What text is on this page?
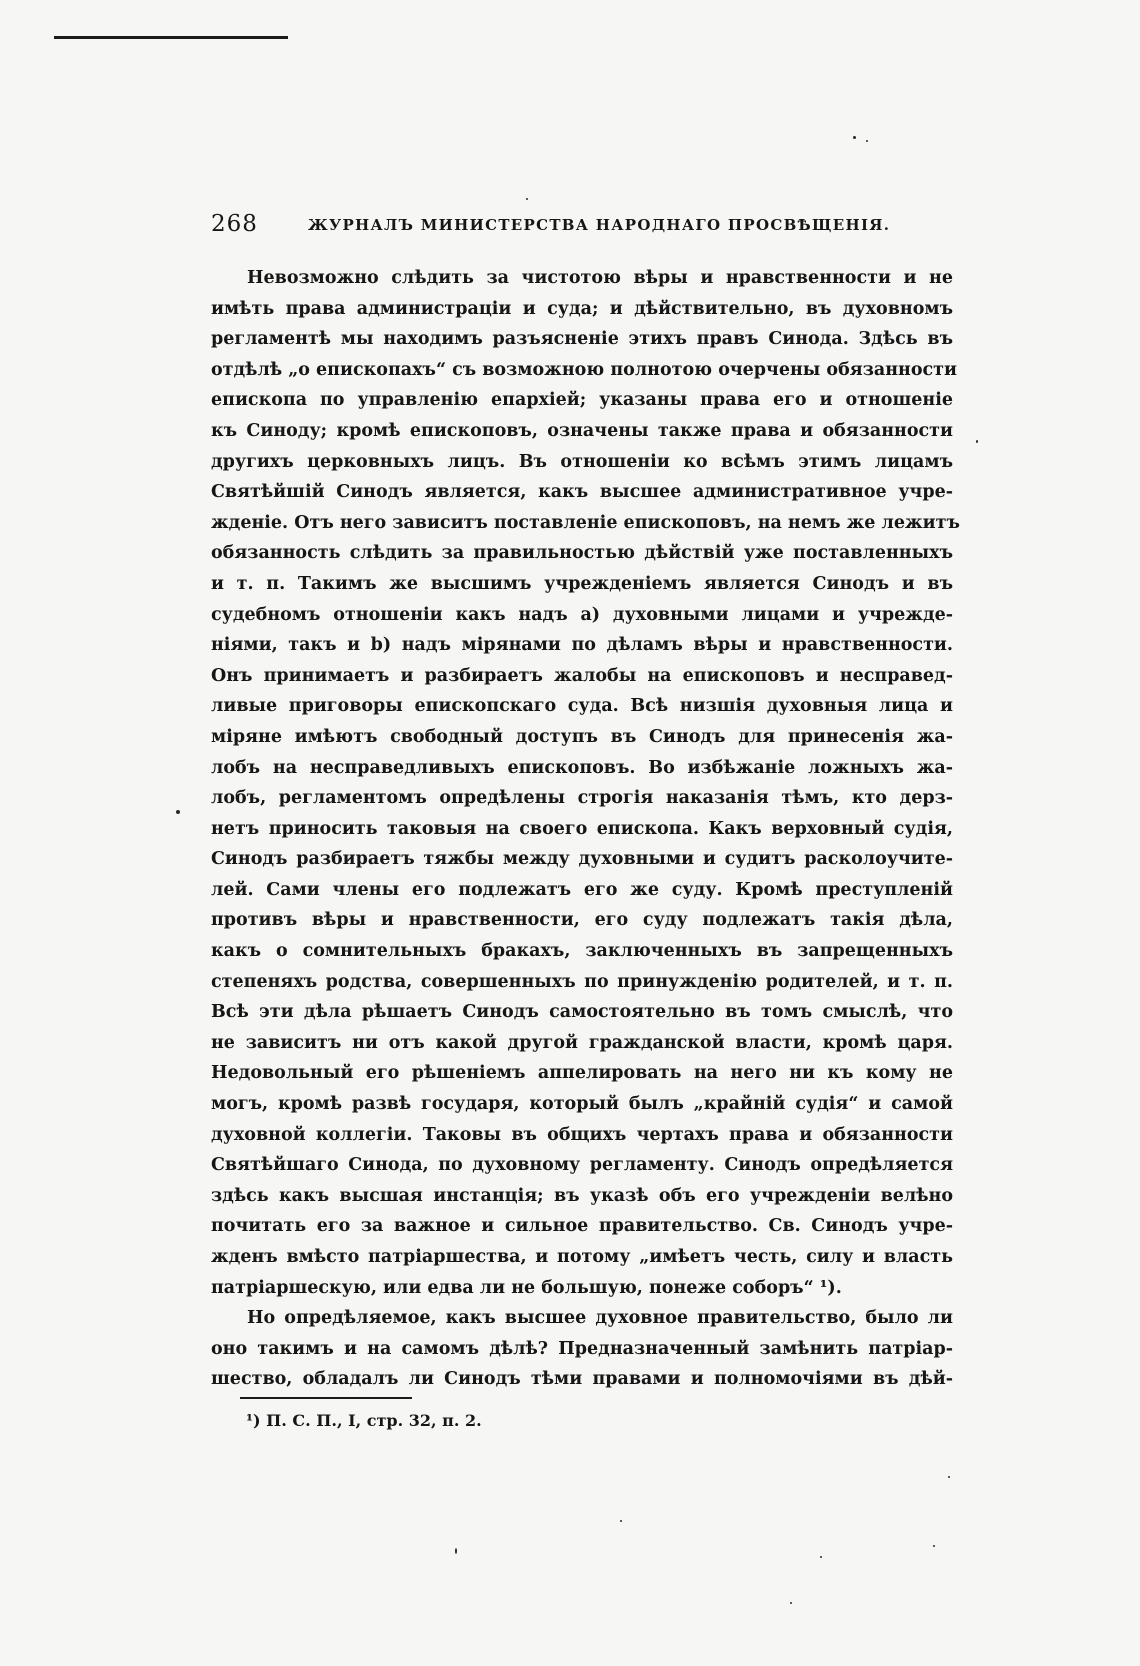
268	ЖУРНАЛЪ МИНИСТЕРСТВА НАРОДНАГО ПРОСВѢЩЕНІЯ.
Невозможно слѣдить за чистотою вѣры и нравственности и не
имѣть права администраціи и суда; и дѣйствительно, въ духовномъ
регламентѣ мы находимъ разъясненіе этихъ правъ Синода. Здѣсь въ
отдѣлѣ „о епископахъ“ съ возможною полнотою очерчены обязанности
епископа по управленію епархіей; указаны права его и отношеніе
къ Синоду; кромѣ епископовъ, означены также права и обязанности
другихъ церковныхъ лицъ. Въ отношеніи ко всѣмъ этимъ лицамъ
Святѣйшій Синодъ является, какъ высшее административное учре-
жденіе. Отъ него зависитъ поставленіе епископовъ, на немъ же лежитъ
обязанность слѣдить за правильностью дѣйствій уже поставленныхъ
и т. п. Такимъ же высшимъ учрежденіемъ является Синодъ и въ
судебномъ отношеніи какъ надъ а) духовными лицами и учрежде-
ніями, такъ и b) надъ міpянами по дѣламъ вѣры и нравственности.
Онъ принимаетъ и разбираетъ жалобы на епископовъ и несправед-
ливые приговоры епископскаго суда. Всѣ низшія духовныя лица и
міряне имѣютъ свободный доступъ въ Синодъ для принесенія жа-
лобъ на несправедливыхъ епископовъ. Во избѣжаніе ложныхъ жа-
лобъ, регламентомъ опредѣлены строгія наказанія тѣмъ, кто дерз-
нетъ приносить таковыя на своего епископа. Какъ верховный судія,
Синодъ разбираетъ тяжбы между духовными и судитъ расколоучите-
лей. Сами члены его подлежатъ его же суду. Кромѣ преступленій
противъ вѣры и нравственности, его суду подлежатъ такія дѣла,
какъ о сомнительныхъ бракахъ, заключенныхъ въ запрещенныхъ
степеняхъ родства, совершенныхъ по принужденію родителей, и т. п.
Всѣ эти дѣла рѣшаетъ Синодъ самостоятельно въ томъ смыслѣ, что
не зависитъ ни отъ какой другой гражданской власти, кромѣ царя.
Недовольный его рѣшеніемъ аппелировать на него ни къ кому не
могъ, кромѣ развѣ государя, который былъ „крайній судія“ и самой
духовной коллегіи. Таковы въ общихъ чертахъ права и обязанности
Святѣйшаго Синода, по духовному регламенту. Синодъ опредѣляется
здѣсь какъ высшая инстанція; въ указѣ объ его учрежденіи велѣно
почитать его за важное и сильное правительство. Св. Синодъ учре-
жденъ вмѣсто патріаршества, и потому „имѣетъ честь, силу и власть
патріаршескую, или едва ли не большую, понеже соборъ“ ¹).
Но опредѣляемое, какъ высшее духовное правительство, было ли
оно такимъ и на самомъ дѣлѣ? Предназначенный замѣнить патріар-
шество, обладалъ ли Синодъ тѣми правами и полномочіями въ дѣй-
¹) П. С. П., I, стр. 32, п. 2.
